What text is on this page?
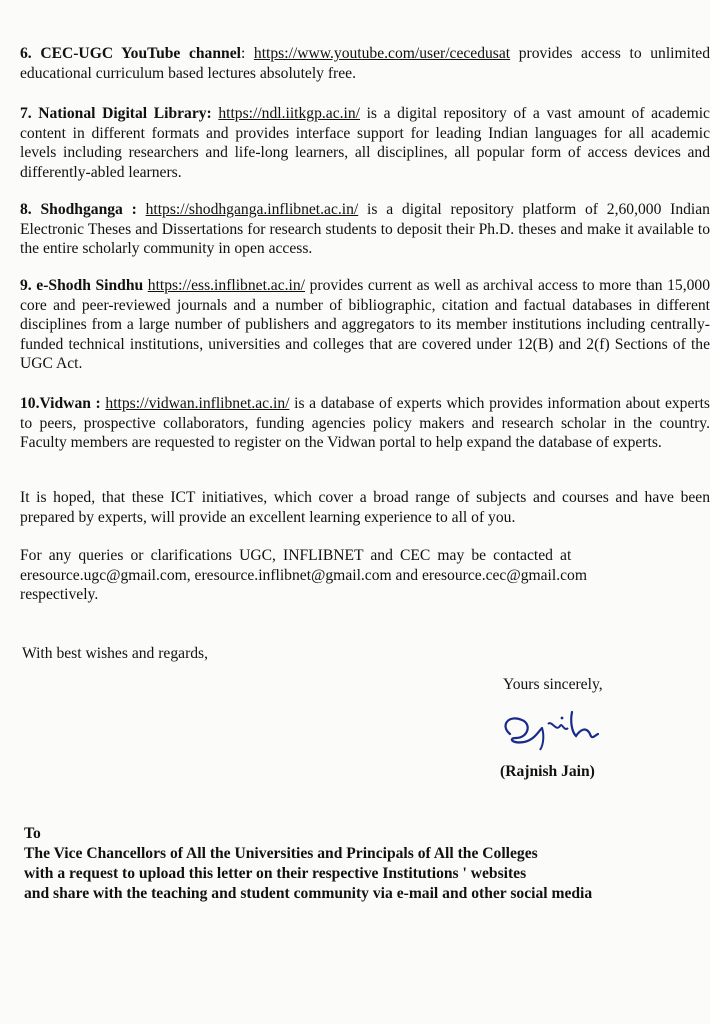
6. CEC-UGC YouTube channel: https://www.youtube.com/user/cecedusat provides access to unlimited educational curriculum based lectures absolutely free.

7. National Digital Library: https://ndl.iitkgp.ac.in/ is a digital repository of a vast amount of academic content in different formats and provides interface support for leading Indian languages for all academic levels including researchers and life-long learners, all disciplines, all popular form of access devices and differently-abled learners.

8. Shodhganga : https://shodhganga.inflibnet.ac.in/ is a digital repository platform of 2,60,000 Indian Electronic Theses and Dissertations for research students to deposit their Ph.D. theses and make it available to the entire scholarly community in open access.

9. e-Shodh Sindhu https://ess.inflibnet.ac.in/ provides current as well as archival access to more than 15,000 core and peer-reviewed journals and a number of bibliographic, citation and factual databases in different disciplines from a large number of publishers and aggregators to its member institutions including centrally-funded technical institutions, universities and colleges that are covered under 12(B) and 2(f) Sections of the UGC Act.

10.Vidwan : https://vidwan.inflibnet.ac.in/ is a database of experts which provides information about experts to peers, prospective collaborators, funding agencies policy makers and research scholar in the country. Faculty members are requested to register on the Vidwan portal to help expand the database of experts.

It is hoped, that these ICT initiatives, which cover a broad range of subjects and courses and have been prepared by experts, will provide an excellent learning experience to all of you.

For any queries or clarifications UGC, INFLIBNET and CEC may be contacted at
eresource.ugc@gmail.com, eresource.inflibnet@gmail.com and eresource.cec@gmail.com
respectively.
With best wishes and regards,
Yours sincerely,
(Rajnish Jain)
To
The Vice Chancellors of All the Universities and Principals of All the Colleges
with a request to upload this letter on their respective Institutions ' websites
and share with the teaching and student community via e-mail and other social media
